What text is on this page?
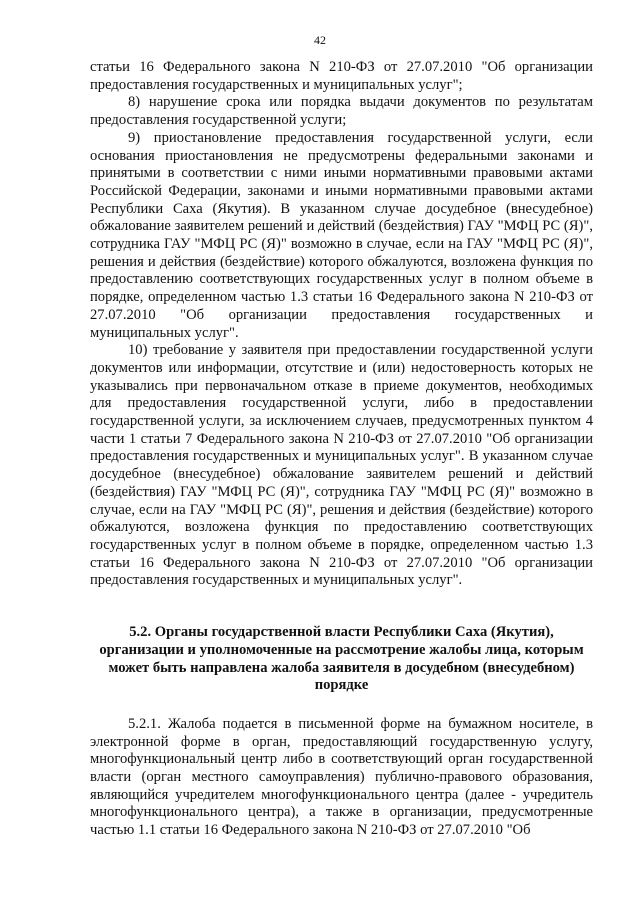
42

статьи 16 Федерального закона N 210-ФЗ от 27.07.2010 "Об организации предоставления государственных и муниципальных услуг";

8) нарушение срока или порядка выдачи документов по результатам предоставления государственной услуги;

9) приостановление предоставления государственной услуги, если основания приостановления не предусмотрены федеральными законами и принятыми в соответствии с ними иными нормативными правовыми актами Российской Федерации, законами и иными нормативными правовыми актами Республики Саха (Якутия). В указанном случае досудебное (внесудебное) обжалование заявителем решений и действий (бездействия) ГАУ "МФЦ РС (Я)", сотрудника ГАУ "МФЦ РС (Я)" возможно в случае, если на ГАУ "МФЦ РС (Я)", решения и действия (бездействие) которого обжалуются, возложена функция по предоставлению соответствующих государственных услуг в полном объеме в порядке, определенном частью 1.3 статьи 16 Федерального закона N 210-ФЗ от 27.07.2010 "Об организации предоставления государственных и муниципальных услуг".

10) требование у заявителя при предоставлении государственной услуги документов или информации, отсутствие и (или) недостоверность которых не указывались при первоначальном отказе в приеме документов, необходимых для предоставления государственной услуги, либо в предоставлении государственной услуги, за исключением случаев, предусмотренных пунктом 4 части 1 статьи 7 Федерального закона N 210-ФЗ от 27.07.2010 "Об организации предоставления государственных и муниципальных услуг". В указанном случае досудебное (внесудебное) обжалование заявителем решений и действий (бездействия) ГАУ "МФЦ РС (Я)", сотрудника ГАУ "МФЦ РС (Я)" возможно в случае, если на ГАУ "МФЦ РС (Я)", решения и действия (бездействие) которого обжалуются, возложена функция по предоставлению соответствующих государственных услуг в полном объеме в порядке, определенном частью 1.3 статьи 16 Федерального закона N 210-ФЗ от 27.07.2010 "Об организации предоставления государственных и муниципальных услуг".

5.2. Органы государственной власти Республики Саха (Якутия), организации и уполномоченные на рассмотрение жалобы лица, которым может быть направлена жалоба заявителя в досудебном (внесудебном) порядке

5.2.1. Жалоба подается в письменной форме на бумажном носителе, в электронной форме в орган, предоставляющий государственную услугу, многофункциональный центр либо в соответствующий орган государственной власти (орган местного самоуправления) публично-правового образования, являющийся учредителем многофункционального центра (далее - учредитель многофункционального центра), а также в организации, предусмотренные частью 1.1 статьи 16 Федерального закона N 210-ФЗ от 27.07.2010 "Об
